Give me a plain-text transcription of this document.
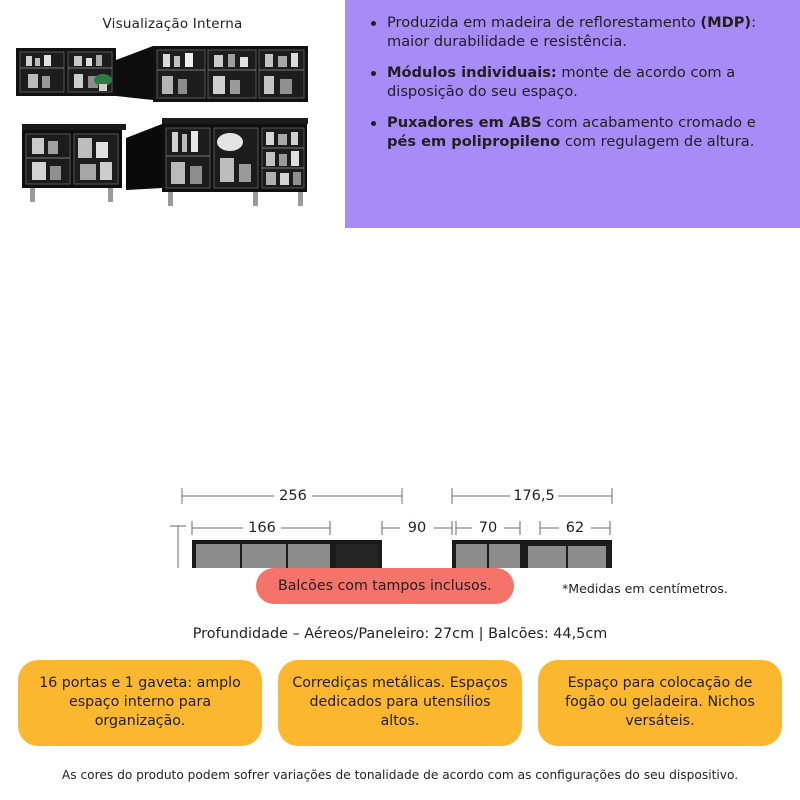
Visualização Interna	Produzida em madeira de reflorestamento (MDP): maior durabilidade e resistência.
Módulos individuais: monte de acordo com a disposição do seu espaço.
Puxadores em ABS com acabamento cromado e pés em polipropileno com regulagem de altura.
256	176,5
166	90	70	62
Balcões com tampos inclusos.	*Medidas em centímetros.
Profundidade – Aéreos/Paneleiro: 27cm | Balcões: 44,5cm
16 portas e 1 gaveta: amplo espaço interno para organização.
Corrediças metálicas. Espaços dedicados para utensílios altos.
Espaço para colocação de fogão ou geladeira. Nichos versáteis.
As cores do produto podem sofrer variações de tonalidade de acordo com as configurações do seu dispositivo.
